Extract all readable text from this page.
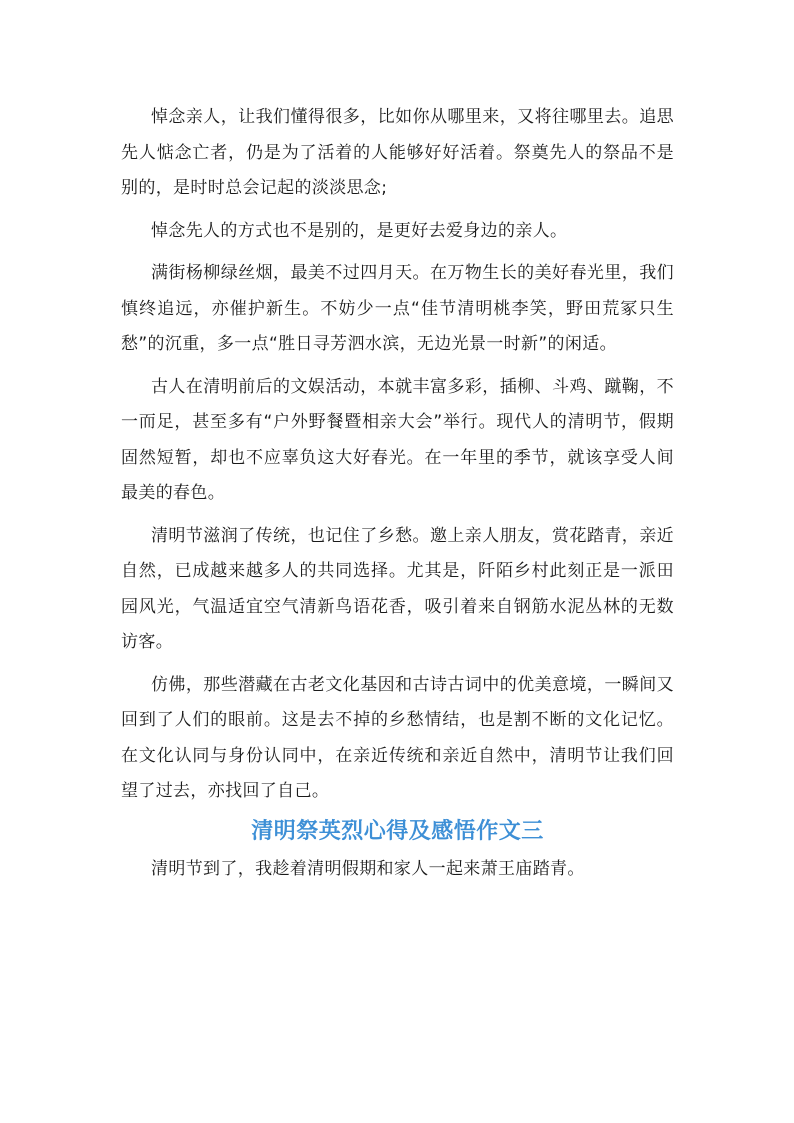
悼念亲人，让我们懂得很多，比如你从哪里来，又将往哪里去。追思先人惦念亡者，仍是为了活着的人能够好好活着。祭奠先人的祭品不是别的，是时时总会记起的淡淡思念;

悼念先人的方式也不是别的，是更好去爱身边的亲人。

满街杨柳绿丝烟，最美不过四月天。在万物生长的美好春光里，我们慎终追远，亦催护新生。不妨少一点“佳节清明桃李笑，野田荒冢只生愁”的沉重，多一点“胜日寻芳泗水滨，无边光景一时新”的闲适。

古人在清明前后的文娱活动，本就丰富多彩，插柳、斗鸡、蹴鞠，不一而足，甚至多有“户外野餐暨相亲大会”举行。现代人的清明节，假期固然短暂，却也不应辜负这大好春光。在一年里的季节，就该享受人间最美的春色。

清明节滋润了传统，也记住了乡愁。邀上亲人朋友，赏花踏青，亲近自然，已成越来越多人的共同选择。尤其是，阡陌乡村此刻正是一派田园风光，气温适宜空气清新鸟语花香，吸引着来自钢筋水泥丛林的无数访客。

仿佛，那些潜藏在古老文化基因和古诗古词中的优美意境，一瞬间又回到了人们的眼前。这是去不掉的乡愁情结，也是割不断的文化记忆。在文化认同与身份认同中，在亲近传统和亲近自然中，清明节让我们回望了过去，亦找回了自己。

清明祭英烈心得及感悟作文三

清明节到了，我趁着清明假期和家人一起来萧王庙踏青。
